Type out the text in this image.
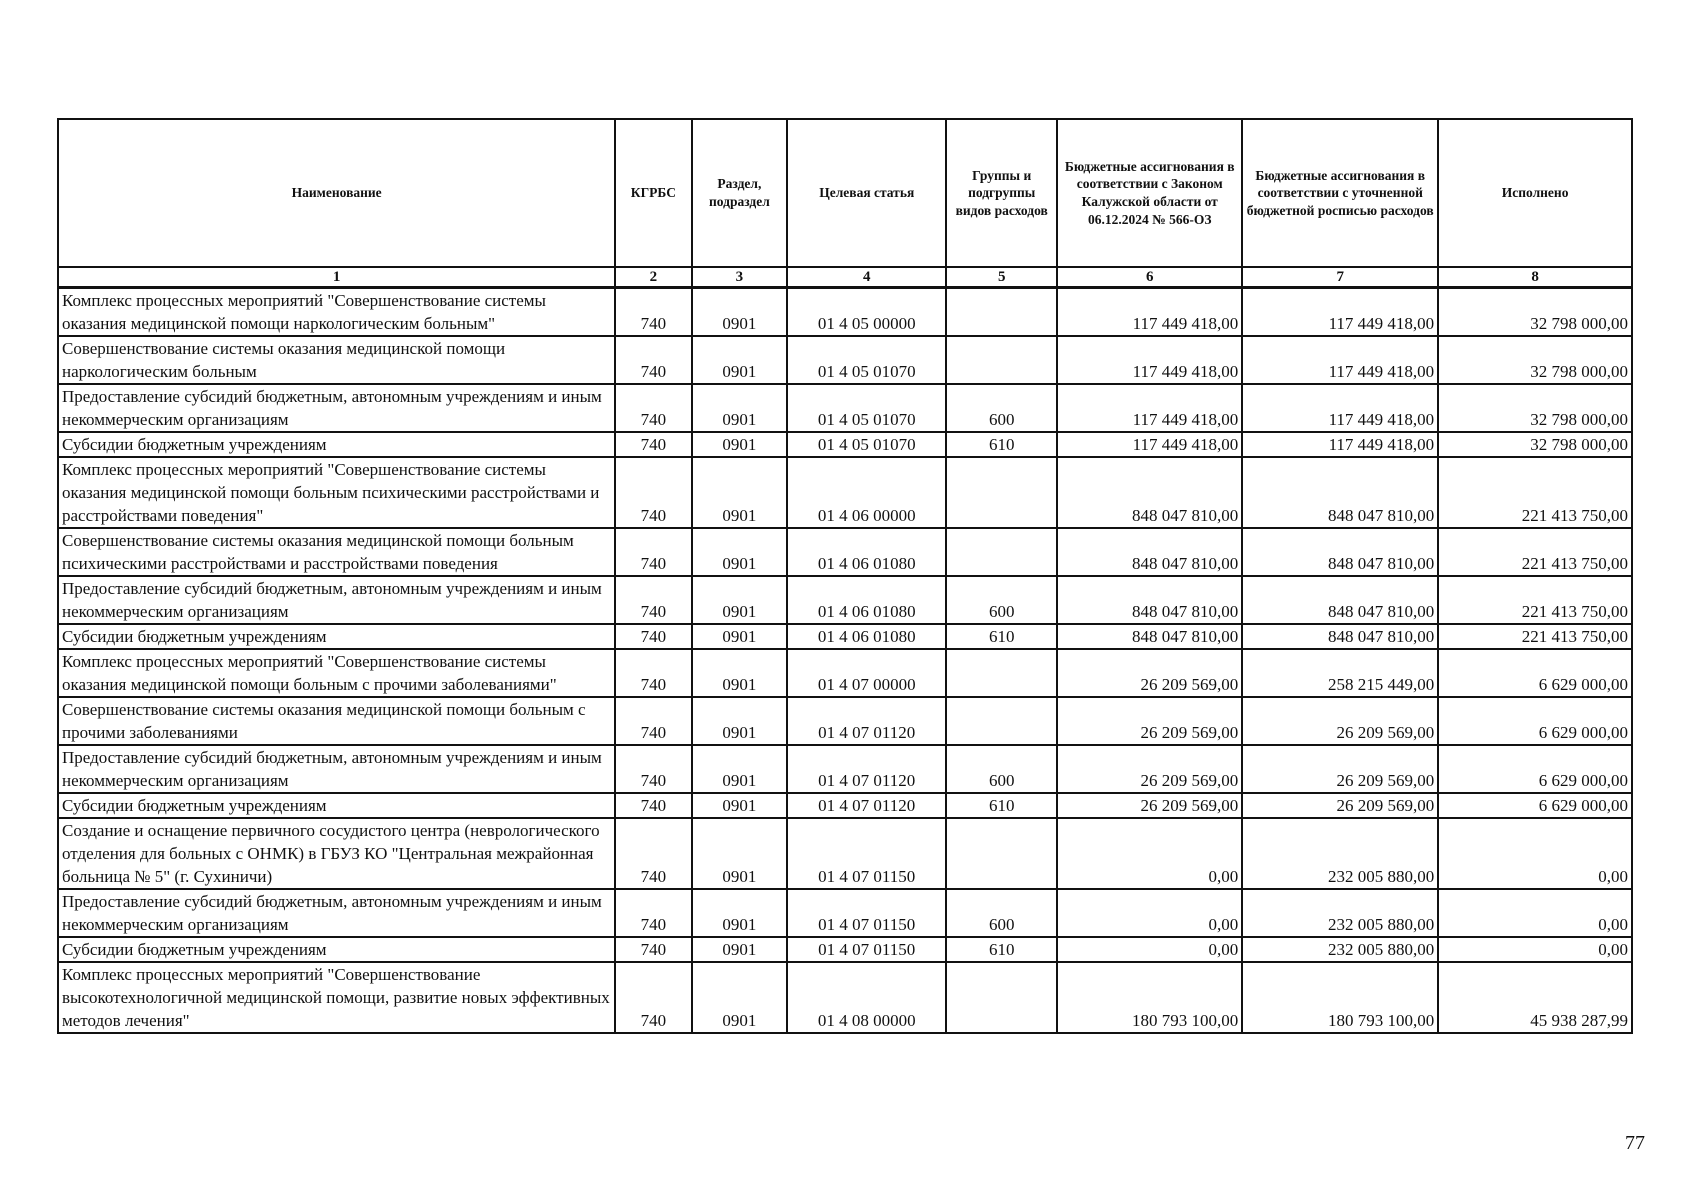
Наименование	КГРБС	Раздел, подраздел	Целевая статья	Группы и подгруппы видов расходов	Бюджетные ассигнования в соответствии с Законом Калужской области от 06.12.2024 № 566-ОЗ	Бюджетные ассигнования в соответствии с уточненной бюджетной росписью расходов	Исполнено
1	2	3	4	5	6	7	8
Комплекс процессных мероприятий "Совершенствование системы оказания медицинской помощи наркологическим больным"	740	0901	01 4 05 00000		117 449 418,00	117 449 418,00	32 798 000,00
Совершенствование системы оказания медицинской помощи наркологическим больным	740	0901	01 4 05 01070		117 449 418,00	117 449 418,00	32 798 000,00
Предоставление субсидий бюджетным, автономным учреждениям и иным некоммерческим организациям	740	0901	01 4 05 01070	600	117 449 418,00	117 449 418,00	32 798 000,00
Субсидии бюджетным учреждениям	740	0901	01 4 05 01070	610	117 449 418,00	117 449 418,00	32 798 000,00
Комплекс процессных мероприятий "Совершенствование системы оказания медицинской помощи больным психическими расстройствами и расстройствами поведения"	740	0901	01 4 06 00000		848 047 810,00	848 047 810,00	221 413 750,00
Совершенствование системы оказания медицинской помощи больным психическими расстройствами и расстройствами поведения	740	0901	01 4 06 01080		848 047 810,00	848 047 810,00	221 413 750,00
Предоставление субсидий бюджетным, автономным учреждениям и иным некоммерческим организациям	740	0901	01 4 06 01080	600	848 047 810,00	848 047 810,00	221 413 750,00
Субсидии бюджетным учреждениям	740	0901	01 4 06 01080	610	848 047 810,00	848 047 810,00	221 413 750,00
Комплекс процессных мероприятий "Совершенствование системы оказания медицинской помощи больным с прочими заболеваниями"	740	0901	01 4 07 00000		26 209 569,00	258 215 449,00	6 629 000,00
Совершенствование системы оказания медицинской помощи больным с прочими заболеваниями	740	0901	01 4 07 01120		26 209 569,00	26 209 569,00	6 629 000,00
Предоставление субсидий бюджетным, автономным учреждениям и иным некоммерческим организациям	740	0901	01 4 07 01120	600	26 209 569,00	26 209 569,00	6 629 000,00
Субсидии бюджетным учреждениям	740	0901	01 4 07 01120	610	26 209 569,00	26 209 569,00	6 629 000,00
Создание и оснащение первичного сосудистого центра (неврологического отделения для больных с ОНМК) в ГБУЗ КО "Центральная межрайонная больница № 5" (г. Сухиничи)	740	0901	01 4 07 01150		0,00	232 005 880,00	0,00
Предоставление субсидий бюджетным, автономным учреждениям и иным некоммерческим организациям	740	0901	01 4 07 01150	600	0,00	232 005 880,00	0,00
Субсидии бюджетным учреждениям	740	0901	01 4 07 01150	610	0,00	232 005 880,00	0,00
Комплекс процессных мероприятий "Совершенствование высокотехнологичной медицинской помощи, развитие новых эффективных методов лечения"	740	0901	01 4 08 00000		180 793 100,00	180 793 100,00	45 938 287,99
77
